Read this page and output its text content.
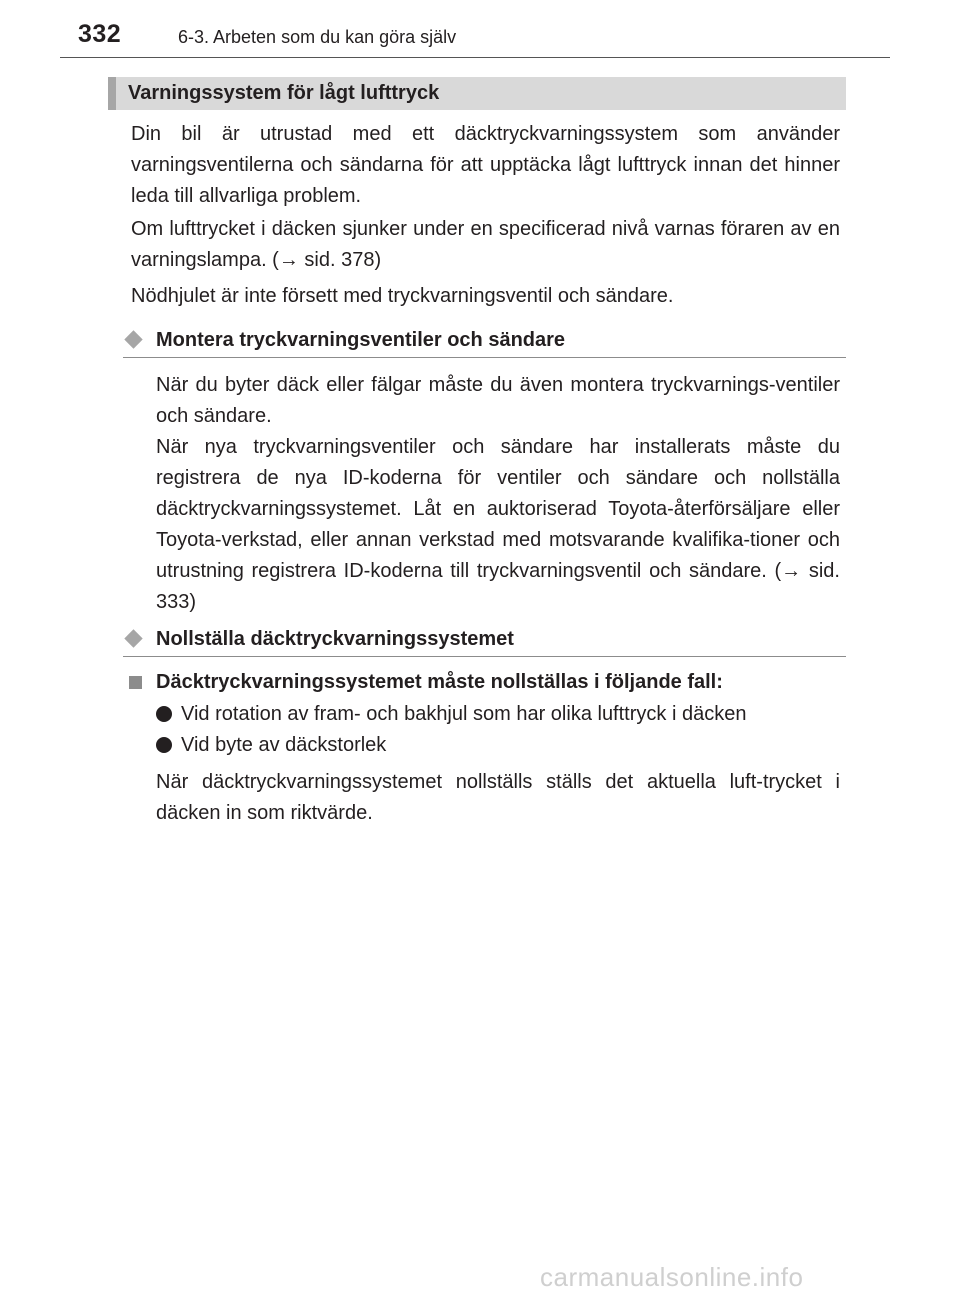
332	6-3. Arbeten som du kan göra själv
Varningssystem för lågt lufttryck

Din bil är utrustad med ett däcktryckvarningssystem som använder varningsventilerna och sändarna för att upptäcka lågt lufttryck innan det hinner leda till allvarliga problem.

Om lufttrycket i däcken sjunker under en specificerad nivå varnas föraren av en varningslampa. (→ sid. 378)

Nödhjulet är inte försett med tryckvarningsventil och sändare.

Montera tryckvarningsventiler och sändare

När du byter däck eller fälgar måste du även montera tryckvarnings-ventiler och sändare.

När nya tryckvarningsventiler och sändare har installerats måste du registrera de nya ID-koderna för ventiler och sändare och nollställa däcktryckvarningssystemet. Låt en auktoriserad Toyota-återförsäljare eller Toyota-verkstad, eller annan verkstad med motsvarande kvalifika-tioner och utrustning registrera ID-koderna till tryckvarningsventil och sändare. (→ sid. 333)

Nollställa däcktryckvarningssystemet
Däcktryckvarningssystemet måste nollställas i följande fall:
Vid rotation av fram- och bakhjul som har olika lufttryck i däcken
Vid byte av däckstorlek

När däcktryckvarningssystemet nollställs ställs det aktuella luft-trycket i däcken in som riktvärde.

carmanualsonline.info
